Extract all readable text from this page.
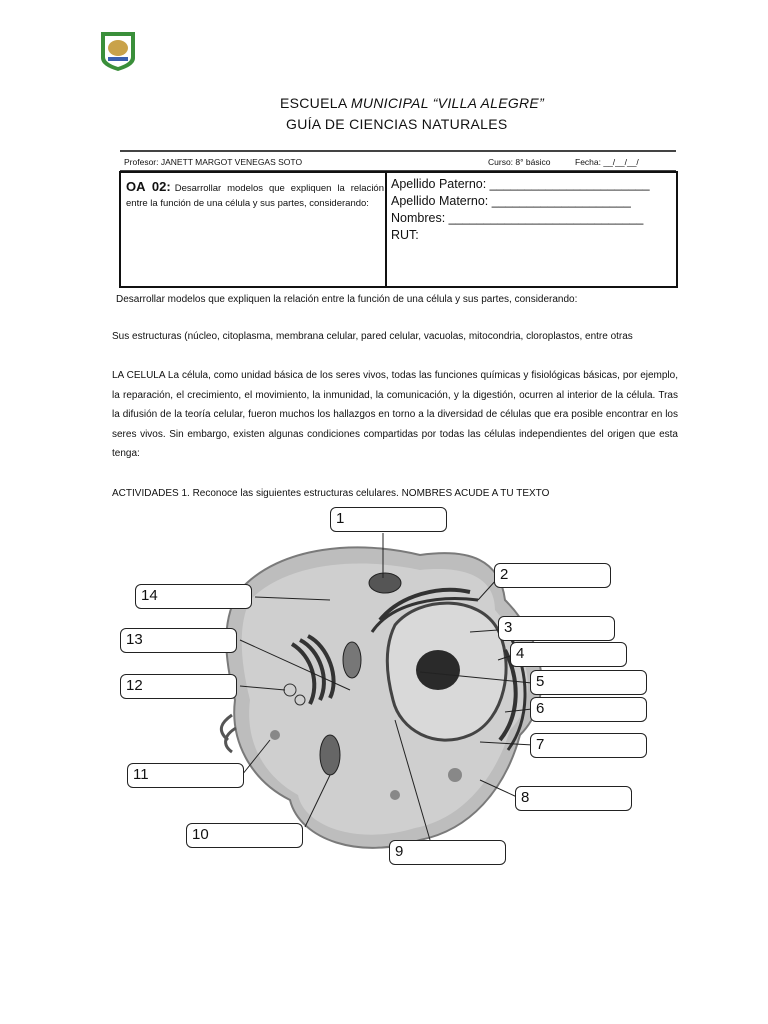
ESCUELA MUNICIPAL “VILLA ALEGRE”
GUÍA DE CIENCIAS NATURALES
Profesor: JANETT MARGOT VENEGAS SOTO	Curso: 8° básico	Fecha: __/__/__/
OA 02: Desarrollar modelos que expliquen la relación entre la función de una célula y sus partes, considerando:
Apellido Paterno: _______________________
Apellido Materno: ____________________
Nombres: ____________________________
RUT:
Desarrollar modelos que expliquen la relación entre la función de una célula y sus partes, considerando:
Sus estructuras (núcleo, citoplasma, membrana celular, pared celular, vacuolas, mitocondria, cloroplastos, entre otras
LA CELULA La célula, como unidad básica de los seres vivos, todas las funciones químicas y fisiológicas básicas, por ejemplo, la reparación, el crecimiento, el movimiento, la inmunidad, la comunicación, y la digestión, ocurren al interior de la célula. Tras la difusión de la teoría celular, fueron muchos los hallazgos en torno a la diversidad de células que era posible encontrar en los seres vivos. Sin embargo, existen algunas condiciones compartidas por todas las células independientes del origen que esta tenga:
ACTIVIDADES 1. Reconoce las siguientes estructuras celulares. NOMBRES ACUDE A TU TEXTO
1
2
3
4
5
6
7
8
9
10
11
12
13
14
